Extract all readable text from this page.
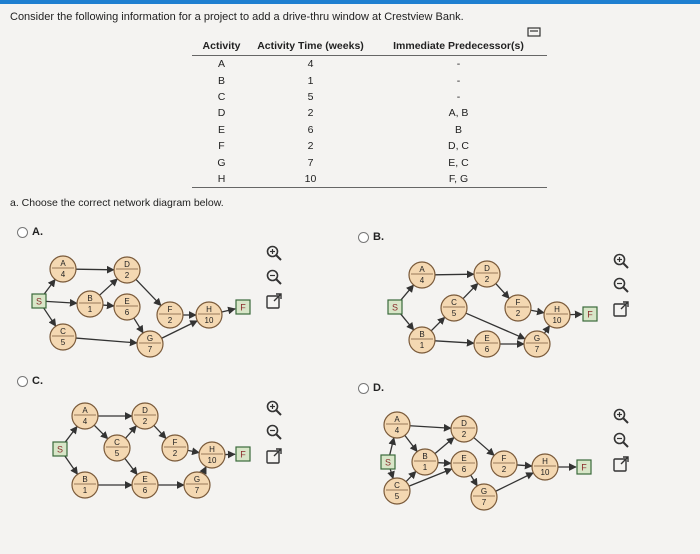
Consider the following information for a project to add a drive-thru window at Crestview Bank.
Activity	Activity Time (weeks)	Immediate Predecessor(s)
A	4	-
B	1	-
C	5	-
D	2	A, B
E	6	B
F	2	D, C
G	7	E, C
H	10	F, G
a. Choose the correct network diagram below.
A.	B.
C.
D.
S
A
4
B
1
C
5
D
2
E
6
G
7
F
2
H
10
F	S
A
4
B
1
C
5
D
2
E
6
F
2
G
7
H
10
F
S
A
4
C
5
B
1
D
2
E
6
F
2
G
7
H
10
F
S
A
4
C
5
B
1
D
2
E
6
F
2
G
7
H
10	F
